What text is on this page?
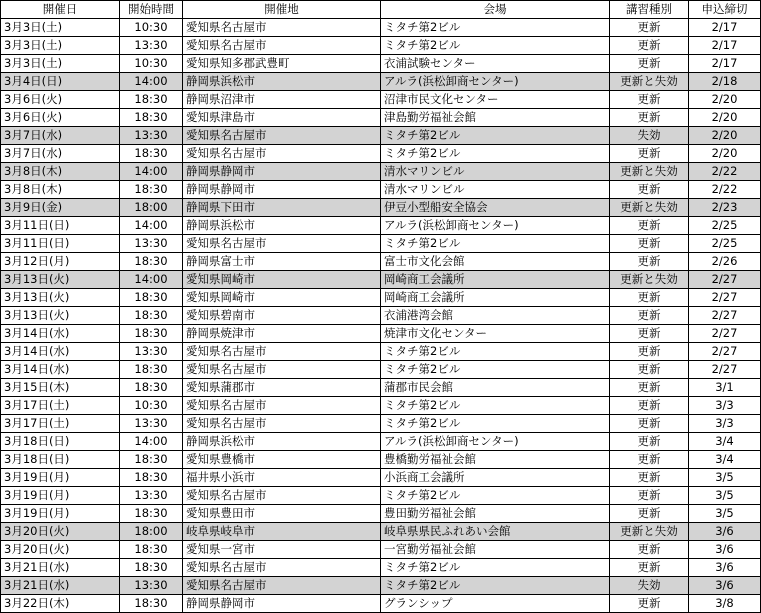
開催日	開始時間	開催地	会場	講習種別	申込締切
3月3日(土)	10:30	愛知県名古屋市	ミタチ第2ビル	更新	2/17
3月3日(土)	13:30	愛知県名古屋市	ミタチ第2ビル	更新	2/17
3月3日(土)	10:30	愛知県知多郡武豊町	衣浦試験センター	更新	2/17
3月4日(日)	14:00	静岡県浜松市	アルラ(浜松卸商センター)	更新と失効	2/18
3月6日(火)	18:30	静岡県沼津市	沼津市民文化センター	更新	2/20
3月6日(火)	18:30	愛知県津島市	津島勤労福祉会館	更新	2/20
3月7日(水)	13:30	愛知県名古屋市	ミタチ第2ビル	失効	2/20
3月7日(水)	18:30	愛知県名古屋市	ミタチ第2ビル	更新	2/20
3月8日(木)	14:00	静岡県静岡市	清水マリンビル	更新と失効	2/22
3月8日(木)	18:30	静岡県静岡市	清水マリンビル	更新	2/22
3月9日(金)	18:00	静岡県下田市	伊豆小型船安全協会	更新と失効	2/23
3月11日(日)	14:00	静岡県浜松市	アルラ(浜松卸商センター)	更新	2/25
3月11日(日)	13:30	愛知県名古屋市	ミタチ第2ビル	更新	2/25
3月12日(月)	18:30	静岡県富士市	富士市文化会館	更新	2/26
3月13日(火)	14:00	愛知県岡崎市	岡崎商工会議所	更新と失効	2/27
3月13日(火)	18:30	愛知県岡崎市	岡崎商工会議所	更新	2/27
3月13日(火)	18:30	愛知県碧南市	衣浦港湾会館	更新	2/27
3月14日(水)	18:30	静岡県焼津市	焼津市文化センター	更新	2/27
3月14日(水)	13:30	愛知県名古屋市	ミタチ第2ビル	更新	2/27
3月14日(水)	18:30	愛知県名古屋市	ミタチ第2ビル	更新	2/27
3月15日(木)	18:30	愛知県蒲郡市	蒲郡市民会館	更新	3/1
3月17日(土)	10:30	愛知県名古屋市	ミタチ第2ビル	更新	3/3
3月17日(土)	13:30	愛知県名古屋市	ミタチ第2ビル	更新	3/3
3月18日(日)	14:00	静岡県浜松市	アルラ(浜松卸商センター)	更新	3/4
3月18日(日)	18:30	愛知県豊橋市	豊橋勤労福祉会館	更新	3/4
3月19日(月)	18:30	福井県小浜市	小浜商工会議所	更新	3/5
3月19日(月)	13:30	愛知県名古屋市	ミタチ第2ビル	更新	3/5
3月19日(月)	18:30	愛知県豊田市	豊田勤労福祉会館	更新	3/5
3月20日(火)	18:00	岐阜県岐阜市	岐阜県県民ふれあい会館	更新と失効	3/6
3月20日(火)	18:30	愛知県一宮市	一宮勤労福祉会館	更新	3/6
3月21日(水)	18:30	愛知県名古屋市	ミタチ第2ビル	更新	3/6
3月21日(水)	13:30	愛知県名古屋市	ミタチ第2ビル	失効	3/6
3月22日(木)	18:30	静岡県静岡市	グランシップ	更新	3/8
